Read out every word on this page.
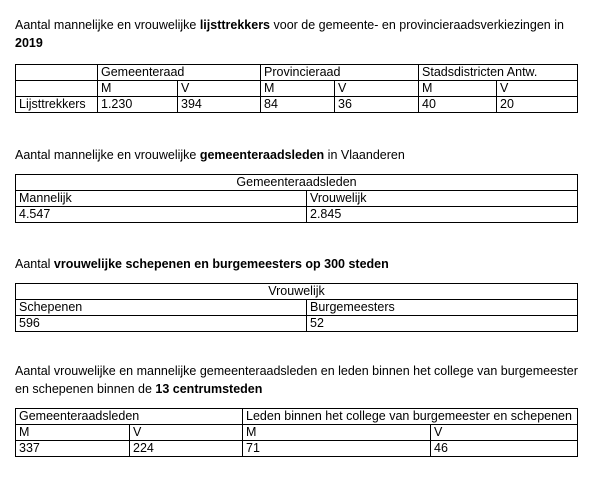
Aantal mannelijke en vrouwelijke lijsttrekkers voor de gemeente- en provincieraadsverkiezingen in
2019

	Gemeenteraad		Provincieraad		Stadsdistricten Antw.	
	M	V	M	V	M	V
Lijsttrekkers	1.230	394	84	36	40	20

Aantal mannelijke en vrouwelijke gemeenteraadsleden in Vlaanderen

Gemeenteraadsleden	
Mannelijk	Vrouwelijk
4.547	2.845

Aantal vrouwelijke schepenen en burgemeesters op 300 steden

Vrouwelijk	
Schepenen	Burgemeesters
596	52

Aantal vrouwelijke en mannelijke gemeenteraadsleden en leden binnen het college van burgemeester en schepenen binnen de 13 centrumsteden

Gemeenteraadsleden		Leden binnen het college van burgemeester en schepenen	
M	V	M	V
337	224	71	46
